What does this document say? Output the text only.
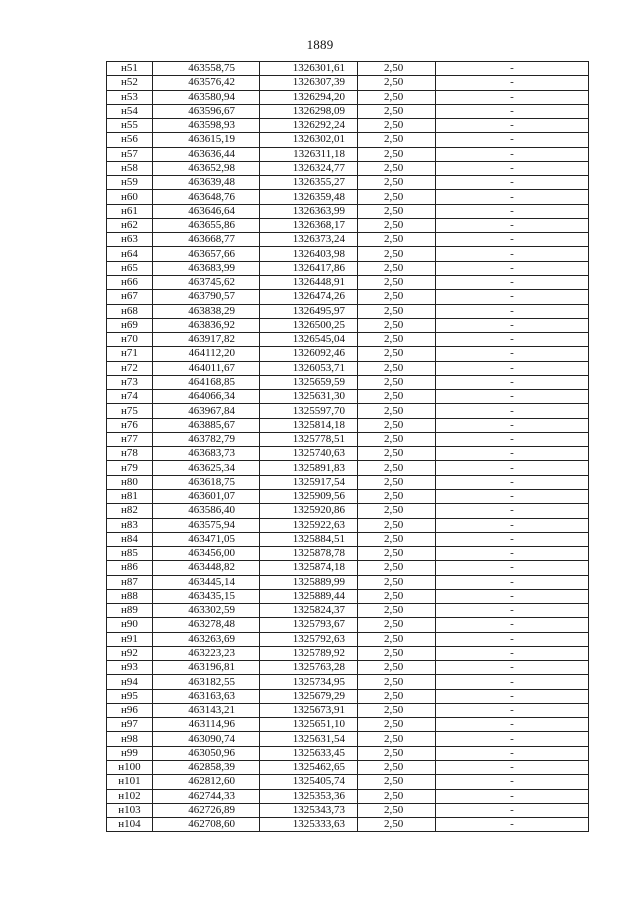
1889
н51	463558,75	1326301,61	2,50	-
н52	463576,42	1326307,39	2,50	-
н53	463580,94	1326294,20	2,50	-
н54	463596,67	1326298,09	2,50	-
н55	463598,93	1326292,24	2,50	-
н56	463615,19	1326302,01	2,50	-
н57	463636,44	1326311,18	2,50	-
н58	463652,98	1326324,77	2,50	-
н59	463639,48	1326355,27	2,50	-
н60	463648,76	1326359,48	2,50	-
н61	463646,64	1326363,99	2,50	-
н62	463655,86	1326368,17	2,50	-
н63	463668,77	1326373,24	2,50	-
н64	463657,66	1326403,98	2,50	-
н65	463683,99	1326417,86	2,50	-
н66	463745,62	1326448,91	2,50	-
н67	463790,57	1326474,26	2,50	-
н68	463838,29	1326495,97	2,50	-
н69	463836,92	1326500,25	2,50	-
н70	463917,82	1326545,04	2,50	-
н71	464112,20	1326092,46	2,50	-
н72	464011,67	1326053,71	2,50	-
н73	464168,85	1325659,59	2,50	-
н74	464066,34	1325631,30	2,50	-
н75	463967,84	1325597,70	2,50	-
н76	463885,67	1325814,18	2,50	-
н77	463782,79	1325778,51	2,50	-
н78	463683,73	1325740,63	2,50	-
н79	463625,34	1325891,83	2,50	-
н80	463618,75	1325917,54	2,50	-
н81	463601,07	1325909,56	2,50	-
н82	463586,40	1325920,86	2,50	-
н83	463575,94	1325922,63	2,50	-
н84	463471,05	1325884,51	2,50	-
н85	463456,00	1325878,78	2,50	-
н86	463448,82	1325874,18	2,50	-
н87	463445,14	1325889,99	2,50	-
н88	463435,15	1325889,44	2,50	-
н89	463302,59	1325824,37	2,50	-
н90	463278,48	1325793,67	2,50	-
н91	463263,69	1325792,63	2,50	-
н92	463223,23	1325789,92	2,50	-
н93	463196,81	1325763,28	2,50	-
н94	463182,55	1325734,95	2,50	-
н95	463163,63	1325679,29	2,50	-
н96	463143,21	1325673,91	2,50	-
н97	463114,96	1325651,10	2,50	-
н98	463090,74	1325631,54	2,50	-
н99	463050,96	1325633,45	2,50	-
н100	462858,39	1325462,65	2,50	-
н101	462812,60	1325405,74	2,50	-
н102	462744,33	1325353,36	2,50	-
н103	462726,89	1325343,73	2,50	-
н104	462708,60	1325333,63	2,50	-
